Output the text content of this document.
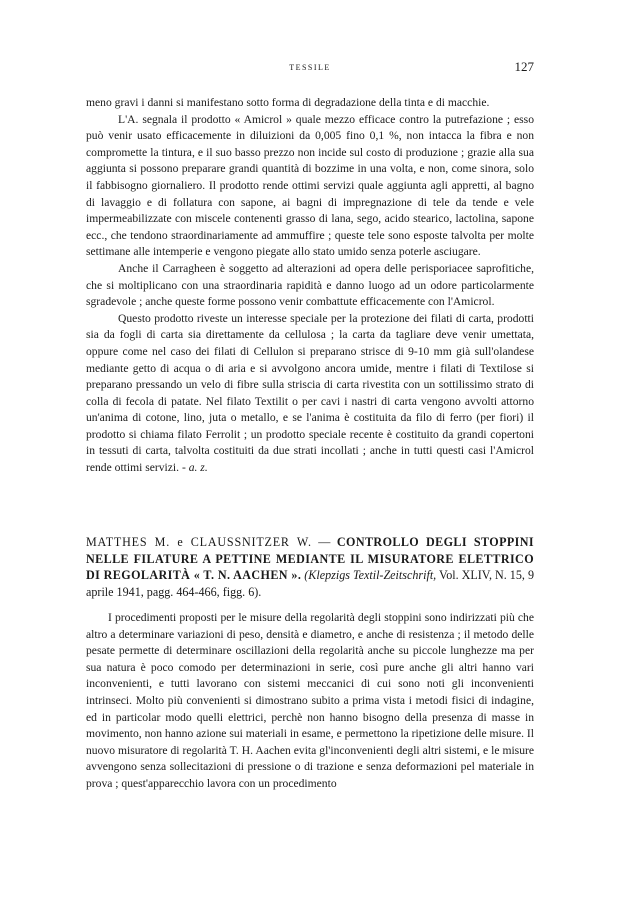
TESSILE	127

meno gravi i danni si manifestano sotto forma di degradazione della tinta e di macchie.

L'A. segnala il prodotto « Amicrol » quale mezzo efficace contro la putrefazione ; esso può venir usato efficacemente in diluizioni da 0,005 fino 0,1 %, non intacca la fibra e non compromette la tintura, e il suo basso prezzo non incide sul costo di produzione ; grazie alla sua aggiunta si possono preparare grandi quantità di bozzime in una volta, e non, come sinora, solo il fabbisogno giornaliero. Il prodotto rende ottimi servizi quale aggiunta agli appretti, al bagno di lavaggio e di follatura con sapone, ai bagni di impregnazione di tele da tende e vele impermeabilizzate con miscele contenenti grasso di lana, sego, acido stearico, lactolina, sapone ecc., che tendono straordinariamente ad ammuffire ; queste tele sono esposte talvolta per molte settimane alle intemperie e vengono piegate allo stato umido senza poterle asciugare.

Anche il Carragheen è soggetto ad alterazioni ad opera delle perisporiacee saprofitiche, che si moltiplicano con una straordinaria rapidità e danno luogo ad un odore particolarmente sgradevole ; anche queste forme possono venir combattute efficacemente con l'Amicrol.

Questo prodotto riveste un interesse speciale per la protezione dei filati di carta, prodotti sia da fogli di carta sia direttamente da cellulosa ; la carta da tagliare deve venir umettata, oppure come nel caso dei filati di Cellulon si preparano strisce di 9-10 mm già sull'olandese mediante getto di acqua o di aria e si avvolgono ancora umide, mentre i filati di Textilose si preparano pressando un velo di fibre sulla striscia di carta rivestita con un sottilissimo strato di colla di fecola di patate. Nel filato Textilit o per cavi i nastri di carta vengono avvolti attorno un'anima di cotone, lino, juta o metallo, e se l'anima è costituita da filo di ferro (per fiori) il prodotto si chiama filato Ferrolit ; un prodotto speciale recente è costituito da grandi copertoni in tessuti di carta, talvolta costituiti da due strati incollati ; anche in tutti questi casi l'Amicrol rende ottimi servizi. - a. z.

MATTHES M. e CLAUSSNITZER W. — CONTROLLO DEGLI STOPPINI NELLE FILATURE A PETTINE MEDIANTE IL MISURATORE ELETTRICO DI REGOLARITÀ « T. N. AACHEN ». (Klepzigs Textil-Zeitschrift, Vol. XLIV, N. 15, 9 aprile 1941, pagg. 464-466, figg. 6).

I procedimenti proposti per le misure della regolarità degli stoppini sono indirizzati più che altro a determinare variazioni di peso, densità e diametro, e anche di resistenza ; il metodo delle pesate permette di determinare oscillazioni della regolarità anche su piccole lunghezze ma per sua natura è poco comodo per determinazioni in serie, così pure anche gli altri hanno vari inconvenienti, e tutti lavorano con sistemi meccanici di cui sono noti gli inconvenienti intrinseci. Molto più convenienti si dimostrano subito a prima vista i metodi fisici di indagine, ed in particolar modo quelli elettrici, perchè non hanno bisogno della presenza di masse in movimento, non hanno azione sui materiali in esame, e permettono la ripetizione delle misure. Il nuovo misuratore di regolarità T. H. Aachen evita gl'inconvenienti degli altri sistemi, e le misure avvengono senza sollecitazioni di pressione o di trazione e senza deformazioni pel materiale in prova ; quest'apparecchio lavora con un procedimento
